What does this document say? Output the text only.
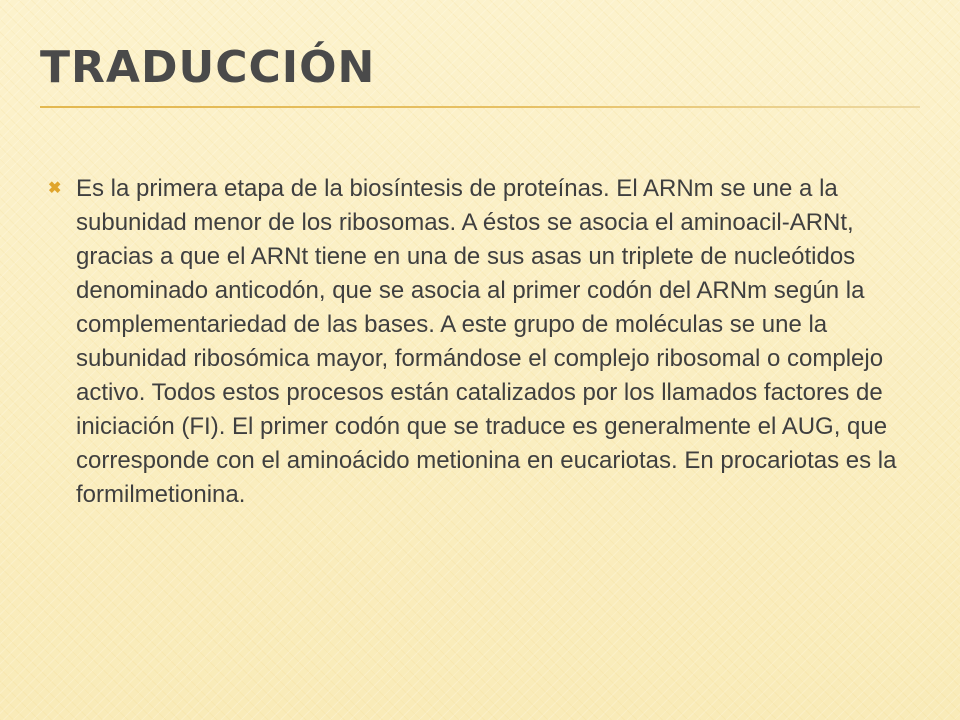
TRADUCCIÓN
✖ Es la primera etapa de la biosíntesis de proteínas. El ARNm se une a la subunidad menor de los ribosomas. A éstos se asocia el aminoacil-ARNt, gracias a que el ARNt tiene en una de sus asas un triplete de nucleótidos denominado anticodón, que se asocia al primer codón del ARNm según la complementariedad de las bases. A este grupo de moléculas se une la subunidad ribosómica mayor, formándose el complejo ribosomal o complejo activo. Todos estos procesos están catalizados por los llamados factores de iniciación (FI). El primer codón que se traduce es generalmente el AUG, que corresponde con el aminoácido metionina en eucariotas. En procariotas es la formilmetionina.
